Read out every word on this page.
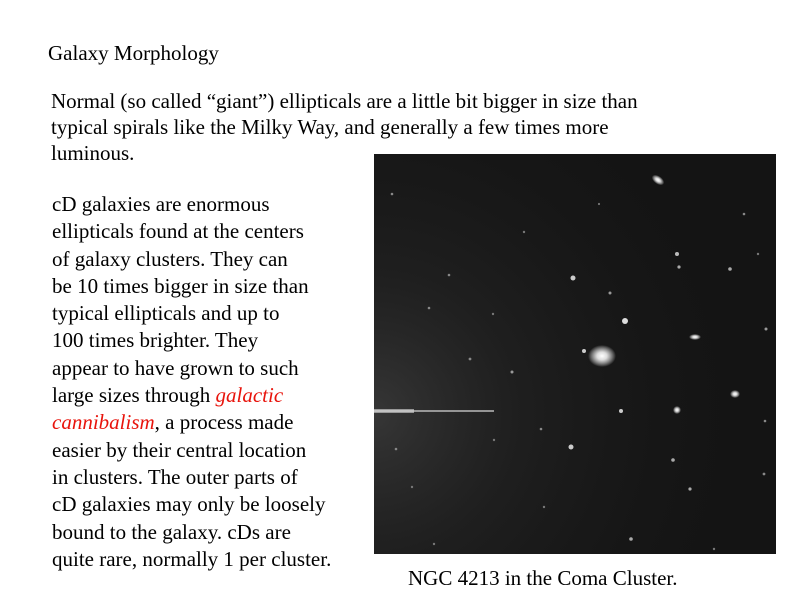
Galaxy Morphology
Normal (so called “giant”) ellipticals are a little bit bigger in size than
typical spirals like the Milky Way, and generally a few times more
luminous.
cD galaxies are enormous
ellipticals found at the centers
of galaxy clusters. They can
be 10 times bigger in size than
typical ellipticals and up to
100 times brighter. They
appear to have grown to such
large sizes through galactic
cannibalism, a process made
easier by their central location
in clusters. The outer parts of
cD galaxies may only be loosely
bound to the galaxy. cDs are
quite rare, normally 1 per cluster.
NGC 4213 in the Coma Cluster.
